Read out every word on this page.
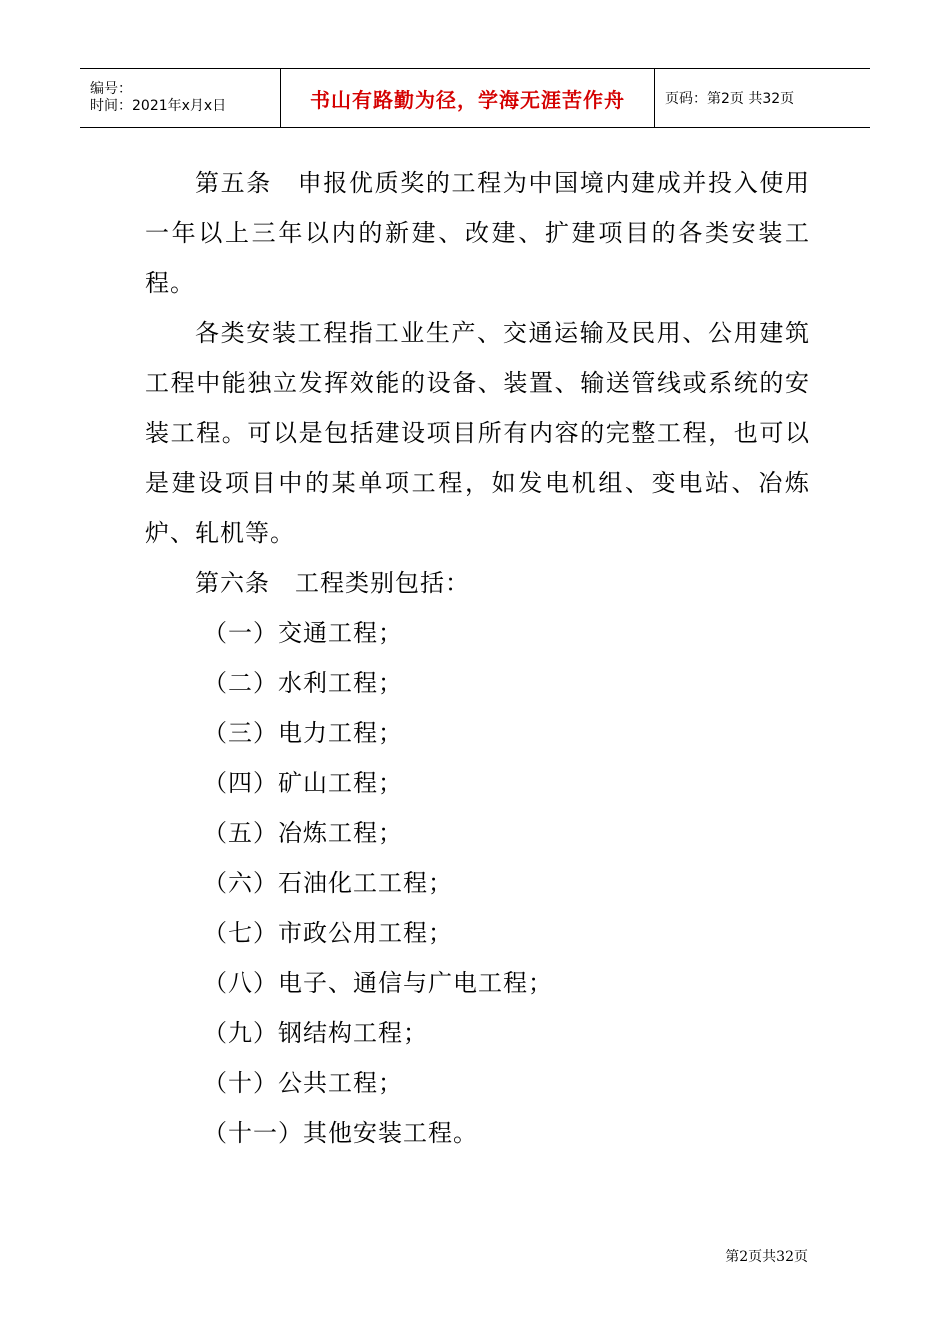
编号：
时间：2021年x月x日	书山有路勤为径，学海无涯苦作舟	页码：第2页 共32页

第五条　申报优质奖的工程为中国境内建成并投入使用一年以上三年以内的新建、改建、扩建项目的各类安装工程。

各类安装工程指工业生产、交通运输及民用、公用建筑工程中能独立发挥效能的设备、装置、输送管线或系统的安装工程。可以是包括建设项目所有内容的完整工程，也可以是建设项目中的某单项工程，如发电机组、变电站、冶炼炉、轧机等。

第六条　工程类别包括：

（一）交通工程；

（二）水利工程；

（三）电力工程；

（四）矿山工程；

（五）冶炼工程；

（六）石油化工工程；

（七）市政公用工程；

（八）电子、通信与广电工程；

（九）钢结构工程；

（十）公共工程；

（十一）其他安装工程。

第2页共32页
